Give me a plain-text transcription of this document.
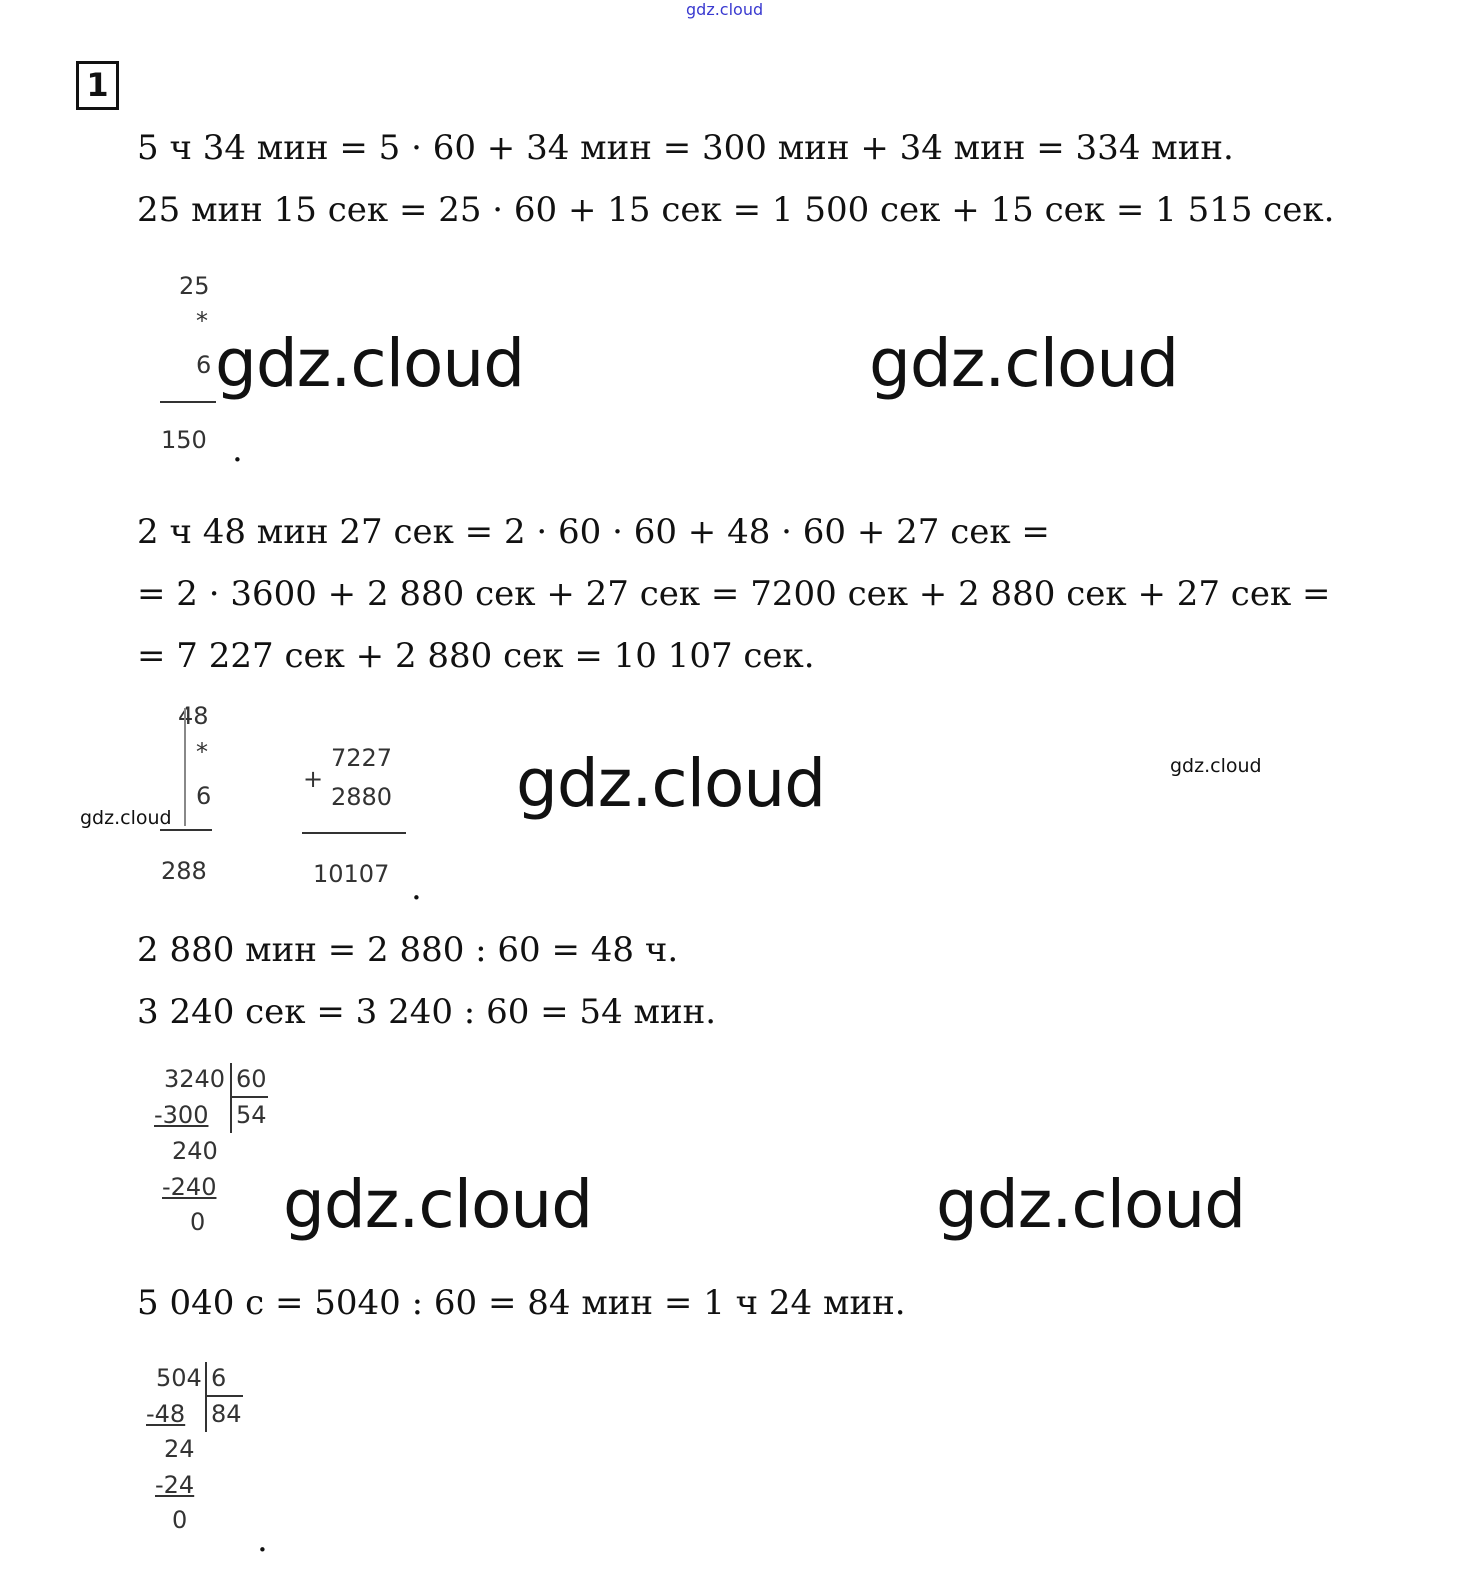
gdz.cloud
1
5 ч 34 мин = 5 · 60 + 34 мин = 300 мин + 34 мин = 334 мин.
25 мин 15 сек = 25 · 60 + 15 сек = 1 500 сек + 15 сек = 1 515 сек.
25
*
6
150 .
gdz.cloud	gdz.cloud
2 ч 48 мин 27 сек = 2 · 60 · 60 + 48 · 60 + 27 сек =
= 2 · 3600 + 2 880 сек + 27 сек = 7200 сек + 2 880 сек + 27 сек =
= 7 227 сек + 2 880 сек = 10 107 сек.
48
*
6
288
+
7227
2880
10107 .
gdz.cloud	gdz.cloud	gdz.cloud
2 880 мин = 2 880 : 60 = 48 ч.
3 240 сек = 3 240 : 60 = 54 мин.
3240 60
54
-300
240
-240
0 gdz.cloud	gdz.cloud
5 040 с = 5040 : 60 = 84 мин = 1 ч 24 мин.
504 6
84
-48
24
-24
0 .
